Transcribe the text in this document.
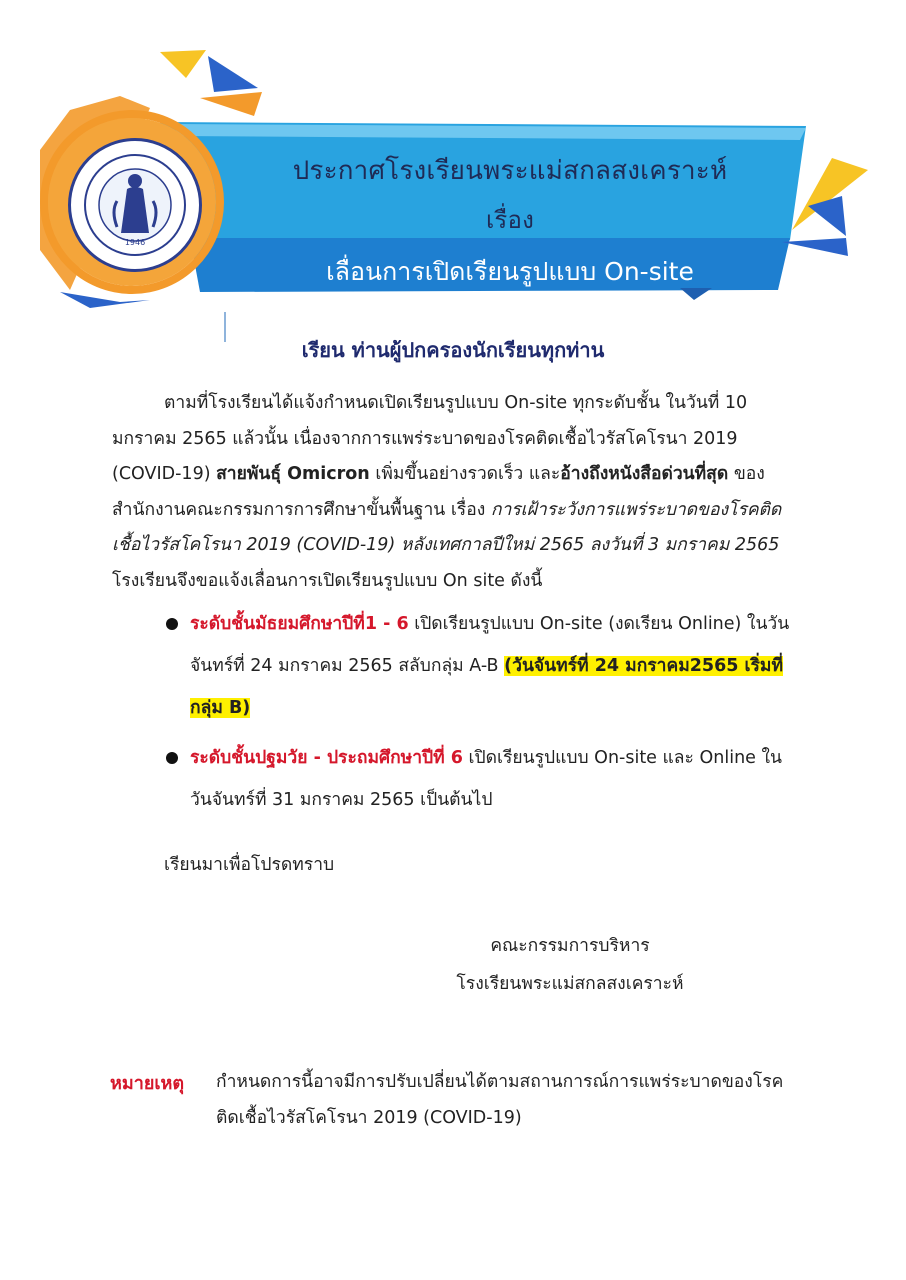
1946
ประกาศโรงเรียนพระแม่สกลสงเคราะห์
เรื่อง
เลื่อนการเปิดเรียนรูปแบบ On-site
เรียน ท่านผู้ปกครองนักเรียนทุกท่าน
ตามที่โรงเรียนได้แจ้งกำหนดเปิดเรียนรูปแบบ On-site ทุกระดับชั้น ในวันที่ 10 มกราคม 2565 แล้วนั้น เนื่องจากการแพร่ระบาดของโรคติดเชื้อไวรัสโคโรนา 2019 (COVID-19) สายพันธุ์ Omicron เพิ่มขึ้นอย่างรวดเร็ว และอ้างถึงหนังสือด่วนที่สุด ของสำนักงานคณะกรรมการการศึกษาขั้นพื้นฐาน เรื่อง การเฝ้าระวังการแพร่ระบาดของโรคติดเชื้อไวรัสโคโรนา 2019 (COVID-19) หลังเทศกาลปีใหม่ 2565 ลงวันที่ 3 มกราคม 2565 โรงเรียนจึงขอแจ้งเลื่อนการเปิดเรียนรูปแบบ On site ดังนี้
ระดับชั้นมัธยมศึกษาปีที่1 - 6 เปิดเรียนรูปแบบ On-site (งดเรียน Online) ในวันจันทร์ที่ 24 มกราคม 2565 สลับกลุ่ม A-B (วันจันทร์ที่ 24 มกราคม2565 เริ่มที่กลุ่ม B)
ระดับชั้นปฐมวัย - ประถมศึกษาปีที่ 6 เปิดเรียนรูปแบบ On-site และ Online ในวันจันทร์ที่ 31 มกราคม 2565 เป็นต้นไป
เรียนมาเพื่อโปรดทราบ
คณะกรรมการบริหาร
โรงเรียนพระแม่สกลสงเคราะห์
หมายเหตุ กำหนดการนี้อาจมีการปรับเปลี่ยนได้ตามสถานการณ์การแพร่ระบาดของโรคติดเชื้อไวรัสโคโรนา 2019 (COVID-19)
